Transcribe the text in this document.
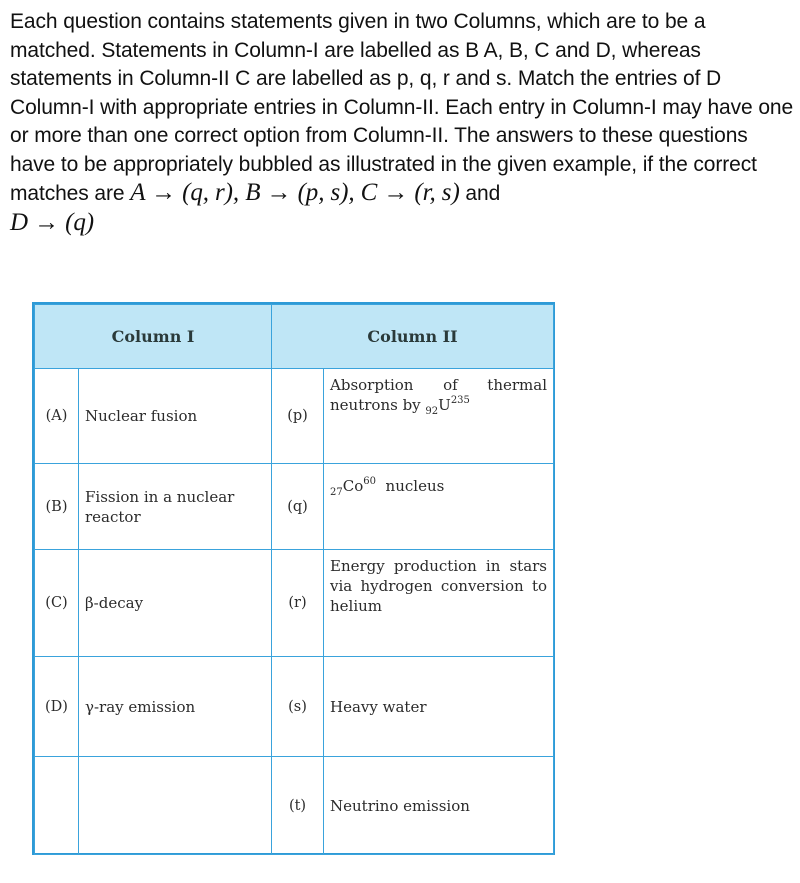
Each question contains statements given in two Columns, which are to be a matched. Statements in Column-I are labelled as B A, B, C and D, whereas statements in Column-II C are labelled as p, q, r and s. Match the entries of D Column-I with appropriate entries in Column-II. Each entry in Column-I may have one or more than one correct option from Column-II. The answers to these questions have to be appropriately bubbled as illustrated in the given example, if the correct matches are A → (q, r), B → (p, s), C → (r, s) and
D → (q)
Column I		Column II	
(A)	Nuclear fusion	(p)	Absorption of thermal neutrons by $_{92}U^{235}$
(B)	Fission in a nuclear reactor	(q)	$_{27}Co^{60}$ nucleus
(C)	β-decay	(r)	Energy production in stars via hydrogen conversion to helium
(D)	γ-ray emission	(s)	Heavy water
		(t)	Neutrino emission
